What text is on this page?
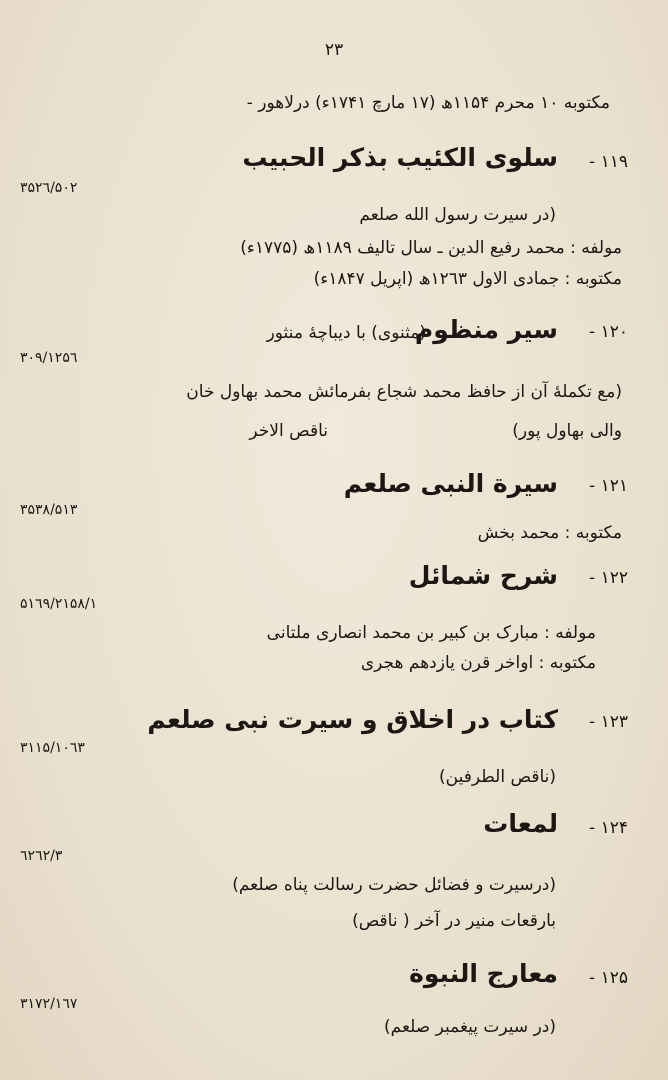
۲۳
مکتوبه ۱۰ محرم ۱۱۵۴ھ (۱۷ مارچ ۱۷۴۱ء) درلاهور -
۱۱۹ -
سلوی الکئیب بذکر الحبیب
۳۵۲٦/۵۰۲
(در سیرت رسول الله صلعم
مولفه : محمد رفیع الدین ـ سال تالیف ۱۱۸۹ھ (۱۷۷۵ء)
مکتوبه : جمادی الاول ۱۲٦۳ھ (اپریل ۱۸۴۷ء)
۱۲۰ -
سیر منظوم
(مثنوی) با دیباچهٔ منثور
۳۰۹/۱۲۵٦
(مع تکملهٔ آن از حافظ محمد شجاع بفرمائش محمد بهاول خان
والی بهاول پور)
ناقص الاخر
۱۲۱ -
سیرة النبی صلعم
۳۵۳۸/۵۱۳
مکتوبه : محمد بخش
۱۲۲ -
شرح شمائل
۵۱٦۹/۲۱۵۸/۱
مولفه : مبارک بن کبیر بن محمد انصاری ملتانی
مکتوبه : اواخر قرن یازدهم هجری
۱۲۳ -
کتاب در اخلاق و سیرت نبی صلعم
۳۱۱۵/۱۰٦۳
(ناقص الطرفین)
۱۲۴ -
لمعات
٦۲٦۲/۳
(درسیرت و فضائل حضرت رسالت پناه صلعم)
بارقعات منیر در آخر ( ناقص)
۱۲۵ -
معارج النبوة
۳۱۷۲/۱٦۷
(در سیرت پیغمبر صلعم)
